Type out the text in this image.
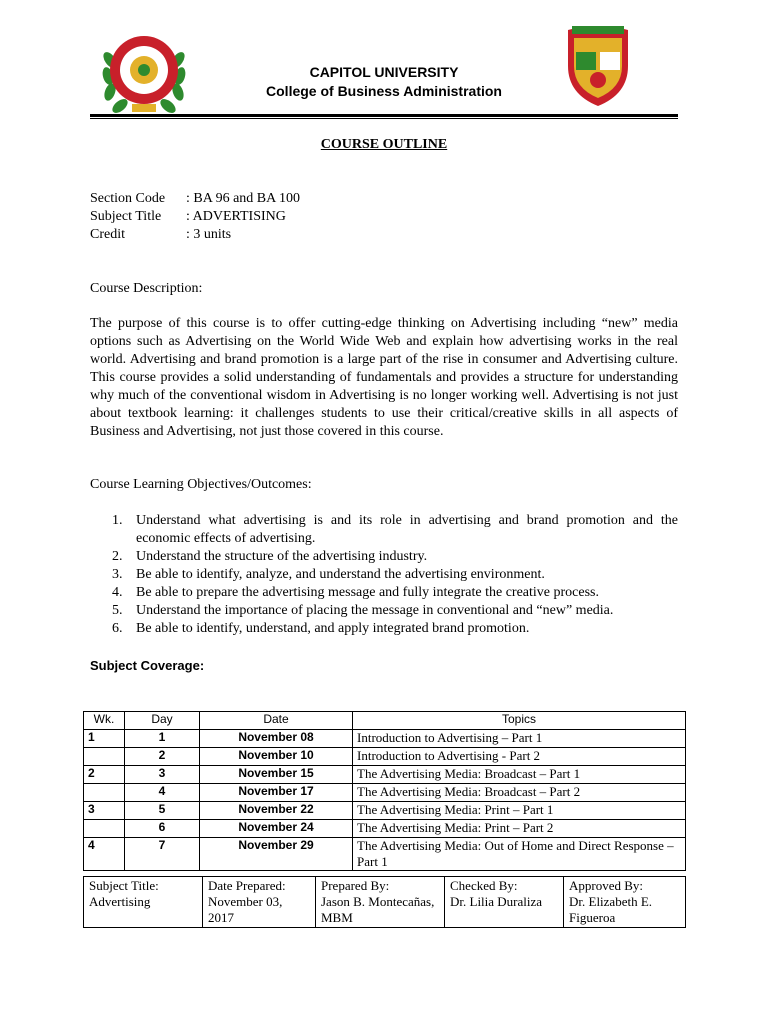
CAPITOL UNIVERSITY
College of Business Administration
COURSE OUTLINE
Section Code : BA 96 and BA 100
Subject Title : ADVERTISING
Credit	: 3 units
Course Description:

The purpose of this course is to offer cutting-edge thinking on Advertising including “new” media options such as Advertising on the World Wide Web and explain how advertising works in the real world. Advertising and brand promotion is a large part of the rise in consumer and Advertising culture. This course provides a solid understanding of fundamentals and provides a structure for understanding why much of the conventional wisdom in Advertising is no longer working well. Advertising is not just about textbook learning: it challenges students to use their critical/creative skills in all aspects of Business and Advertising, not just those covered in this course.

Course Learning Objectives/Outcomes:
1. Understand what advertising is and its role in advertising and brand promotion and the economic effects of advertising.
2. Understand the structure of the advertising industry.
3. Be able to identify, analyze, and understand the advertising environment.
4. Be able to prepare the advertising message and fully integrate the creative process.
5. Understand the importance of placing the message in conventional and “new” media.
6. Be able to identify, understand, and apply integrated brand promotion.
Subject Coverage:
Wk.	Day	Date	Topics
1	1	November 08	Introduction to Advertising – Part 1
	2	November 10	Introduction to Advertising - Part 2
2	3	November 15	The Advertising Media: Broadcast – Part 1
	4	November 17	The Advertising Media: Broadcast – Part 2
3	5	November 22	The Advertising Media: Print – Part 1
	6	November 24	The Advertising Media: Print – Part 2
4	7	November 29	The Advertising Media: Out of Home and Direct Response – Part 1
Subject Title:
Advertising

Date Prepared:
November 03, 2017

Prepared By:
Jason B. Montecañas, MBM

Checked By:
Dr. Lilia Duraliza

Approved By:
Dr. Elizabeth E. Figueroa
